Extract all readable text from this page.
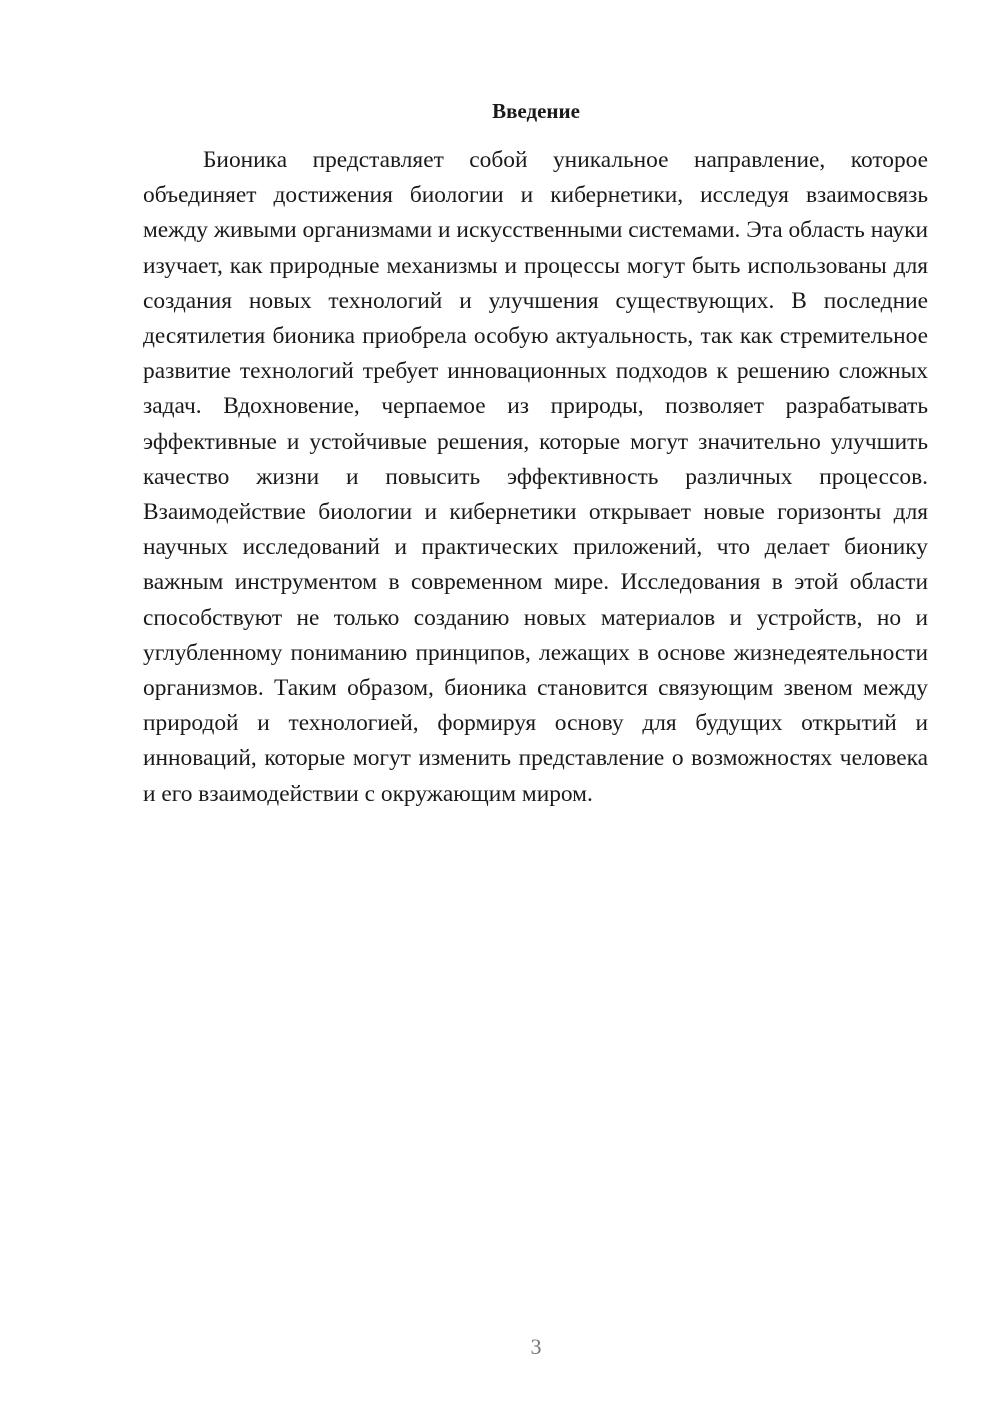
Введение

Бионика представляет собой уникальное направление, которое объединяет достижения биологии и кибернетики, исследуя взаимосвязь между живыми организмами и искусственными системами. Эта область науки изучает, как природные механизмы и процессы могут быть использованы для создания новых технологий и улучшения существующих. В последние десятилетия бионика приобрела особую актуальность, так как стремительное развитие технологий требует инновационных подходов к решению сложных задач. Вдохновение, черпаемое из природы, позволяет разрабатывать эффективные и устойчивые решения, которые могут значительно улучшить качество жизни и повысить эффективность различных процессов. Взаимодействие биологии и кибернетики открывает новые горизонты для научных исследований и практических приложений, что делает бионику важным инструментом в современном мире. Исследования в этой области способствуют не только созданию новых материалов и устройств, но и углубленному пониманию принципов, лежащих в основе жизнедеятельности организмов. Таким образом, бионика становится связующим звеном между природой и технологией, формируя основу для будущих открытий и инноваций, которые могут изменить представление о возможностях человека и его взаимодействии с окружающим миром.

3
